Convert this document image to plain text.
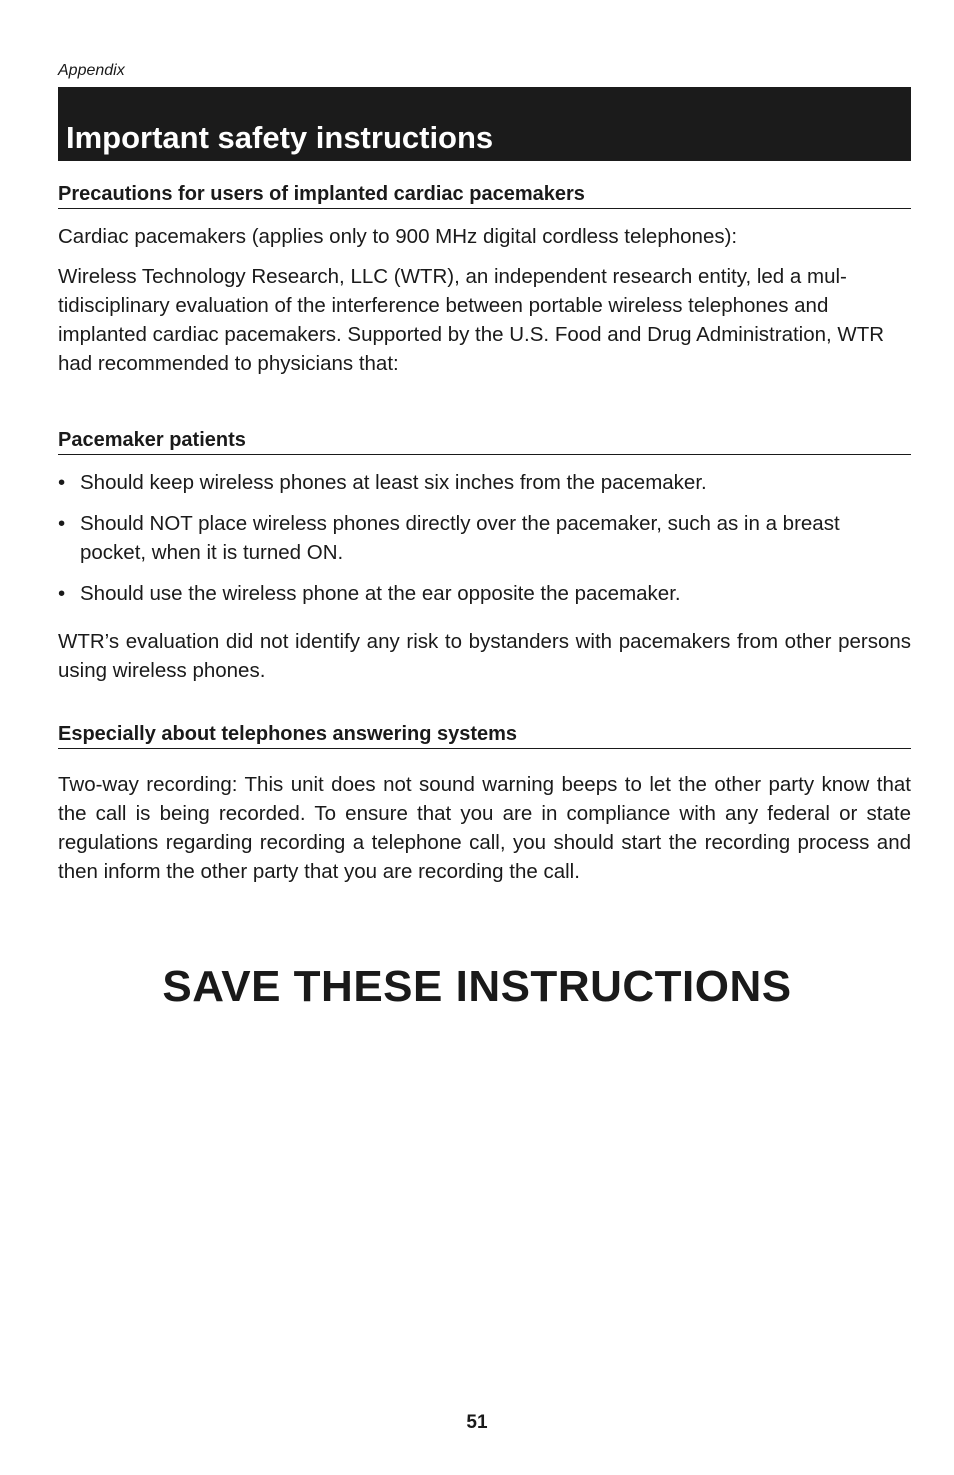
Appendix
Important safety instructions
Precautions for users of implanted cardiac pacemakers

Cardiac pacemakers (applies only to 900 MHz digital cordless telephones):

Wireless Technology Research, LLC (WTR), an independent research entity, led a mul-tidisciplinary evaluation of the interference between portable wireless telephones and implanted cardiac pacemakers. Supported by the U.S. Food and Drug Administration, WTR had recommended to physicians that:

Pacemaker patients
• Should keep wireless phones at least six inches from the pacemaker.
• Should NOT place wireless phones directly over the pacemaker, such as in a breast pocket, when it is turned ON.
• Should use the wireless phone at the ear opposite the pacemaker.

WTR’s evaluation did not identify any risk to bystanders with pacemakers from other persons using wireless phones.

Especially about telephones answering systems

Two-way recording: This unit does not sound warning beeps to let the other party know that the call is being recorded. To ensure that you are in compliance with any federal or state regulations regarding recording a telephone call, you should start the recording process and then inform the other party that you are recording the call.

SAVE THESE INSTRUCTIONS
51
